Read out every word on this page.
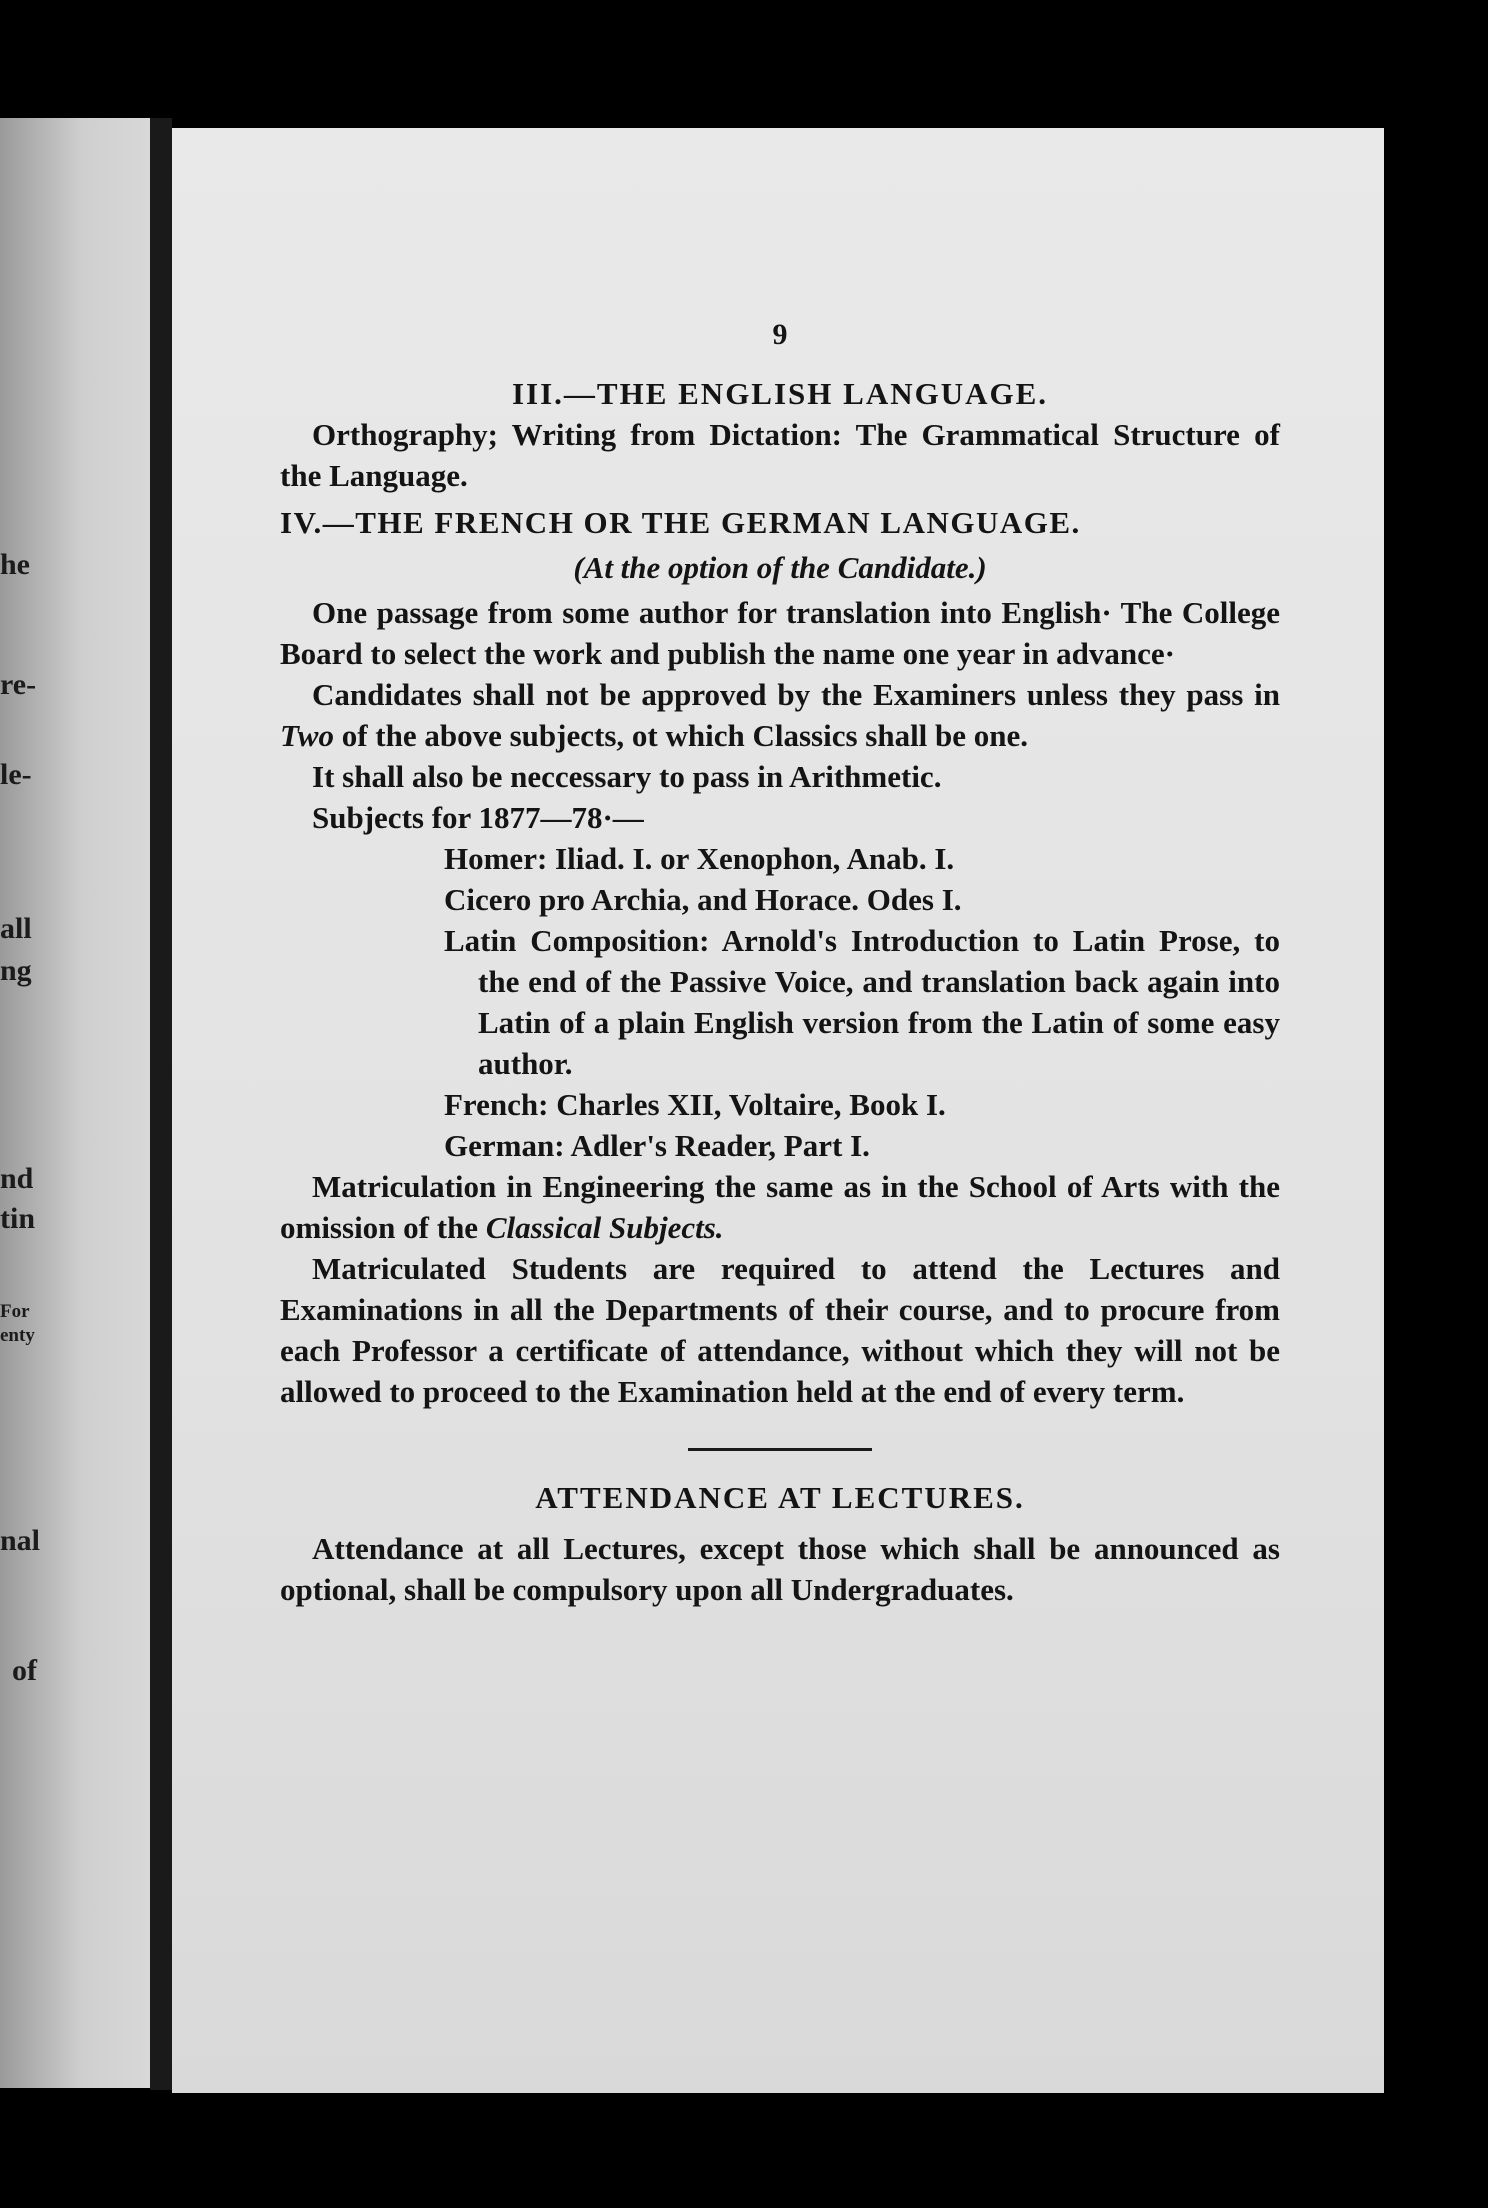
he
re-
le-
all
ng
nd
tin
For
enty
nal
of

9

III.—THE ENGLISH LANGUAGE.

Orthography; Writing from Dictation: The Grammatical Structure of the Language.

IV.—THE FRENCH OR THE GERMAN LANGUAGE.

(At the option of the Candidate.)

One passage from some author for translation into English· The College Board to select the work and publish the name one year in advance·

Candidates shall not be approved by the Examiners unless they pass in Two of the above subjects, ot which Classics shall be one.

It shall also be neccessary to pass in Arithmetic.

Subjects for 1877—78·—

Homer: Iliad. I. or Xenophon, Anab. I.

Cicero pro Archia, and Horace. Odes I.

Latin Composition: Arnold's Introduction to Latin Prose, to the end of the Passive Voice, and translation back again into Latin of a plain English version from the Latin of some easy author.

French: Charles XII, Voltaire, Book I.

German: Adler's Reader, Part I.

Matriculation in Engineering the same as in the School of Arts with the omission of the Classical Subjects.

Matriculated Students are required to attend the Lectures and Examinations in all the Departments of their course, and to procure from each Professor a certificate of attendance, without which they will not be allowed to proceed to the Examination held at the end of every term.

ATTENDANCE AT LECTURES.

Attendance at all Lectures, except those which shall be announced as optional, shall be compulsory upon all Undergraduates.
